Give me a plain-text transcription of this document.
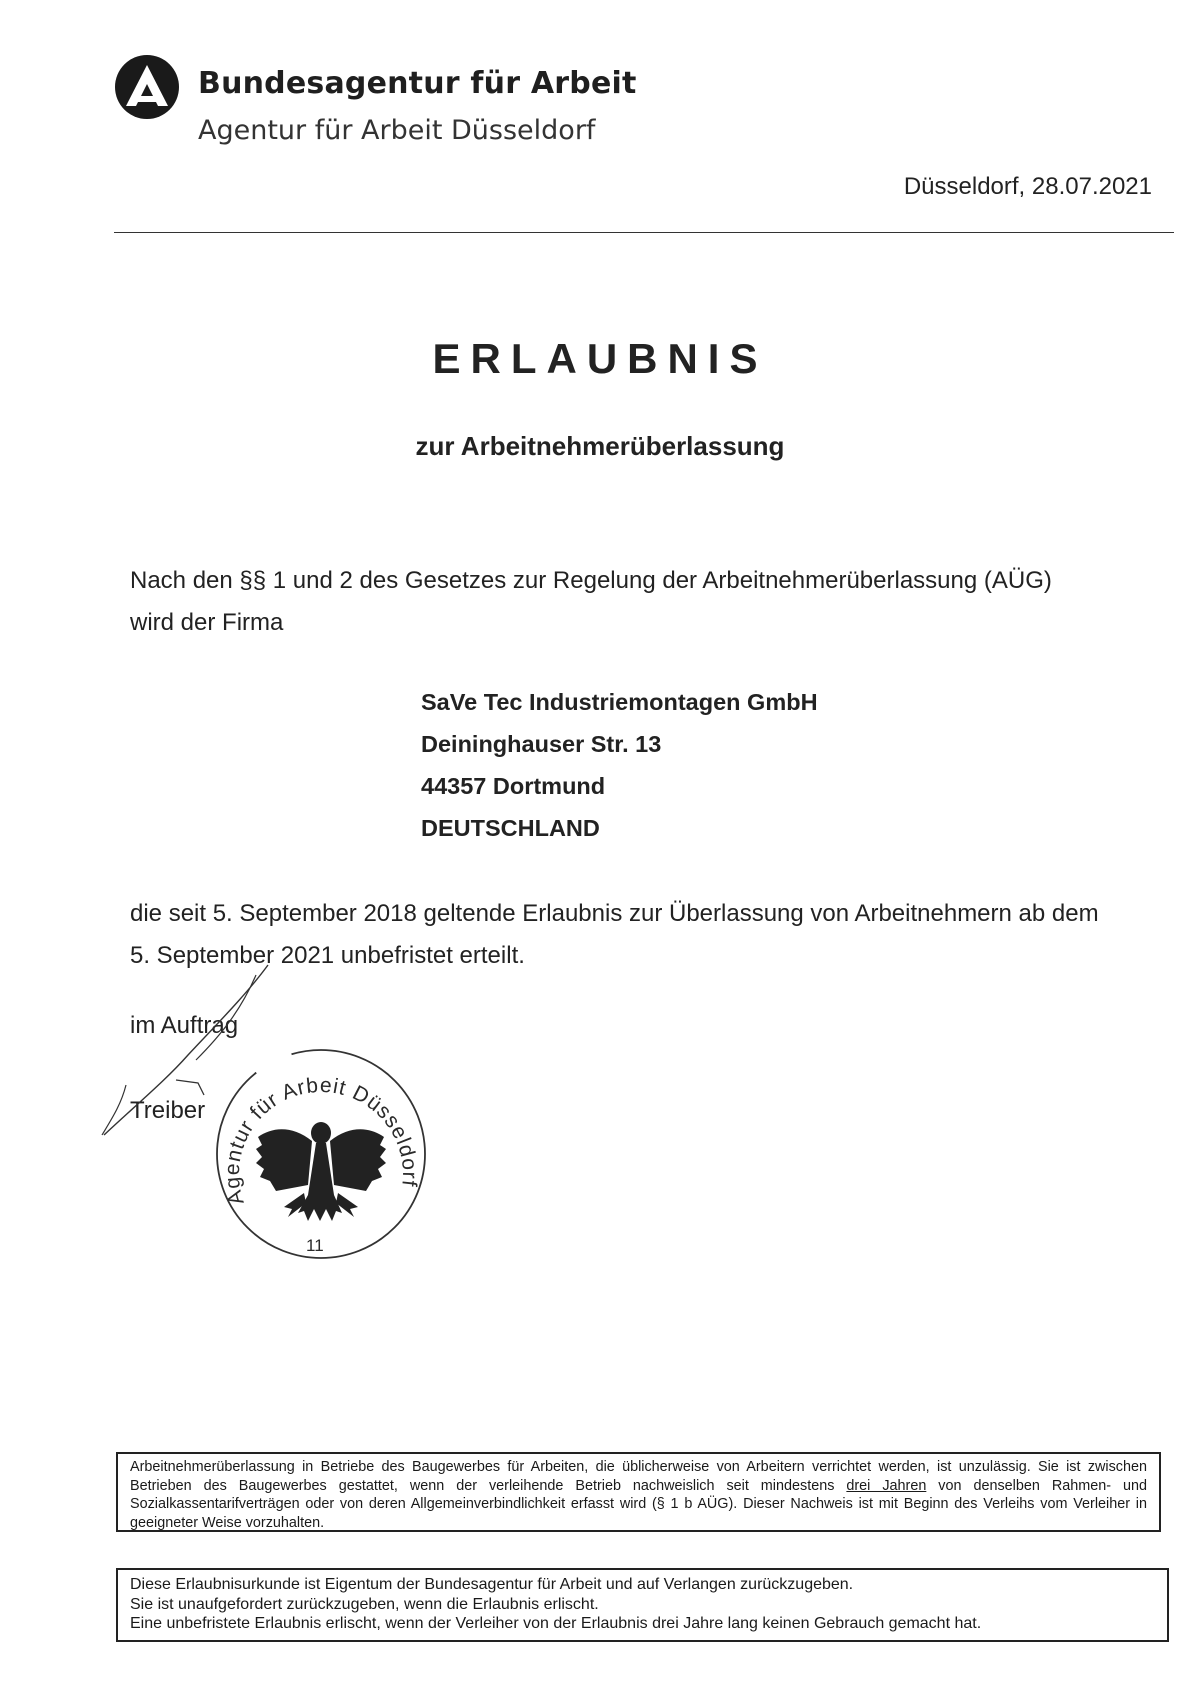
Bundesagentur für Arbeit
Agentur für Arbeit Düsseldorf
Düsseldorf, 28.07.2021
ERLAUBNIS
zur Arbeitnehmerüberlassung
Nach den §§ 1 und 2 des Gesetzes zur Regelung der Arbeitnehmerüberlassung (AÜG)
wird der Firma
SaVe Tec Industriemontagen GmbH
Deininghauser Str. 13
44357 Dortmund
DEUTSCHLAND
die seit 5. September 2018 geltende Erlaubnis zur Überlassung von Arbeitnehmern ab dem
5. September 2021 unbefristet erteilt.
im Auftrag
Treiber
Agentur für Arbeit Düsseldorf
11

Arbeitnehmerüberlassung in Betriebe des Baugewerbes für Arbeiten, die üblicherweise von Arbeitern verrichtet werden, ist unzulässig. Sie ist zwischen Betrieben des Baugewerbes gestattet, wenn der verleihende Betrieb nachweislich seit mindestens drei Jahren von denselben Rahmen- und Sozialkassentarifverträgen oder von deren Allgemeinverbindlichkeit erfasst wird (§ 1 b AÜG). Dieser Nachweis ist mit Beginn des Verleihs vom Verleiher in geeigneter Weise vorzuhalten.

Diese Erlaubnisurkunde ist Eigentum der Bundesagentur für Arbeit und auf Verlangen zurückzugeben.
Sie ist unaufgefordert zurückzugeben, wenn die Erlaubnis erlischt.
Eine unbefristete Erlaubnis erlischt, wenn der Verleiher von der Erlaubnis drei Jahre lang keinen Gebrauch gemacht hat.
